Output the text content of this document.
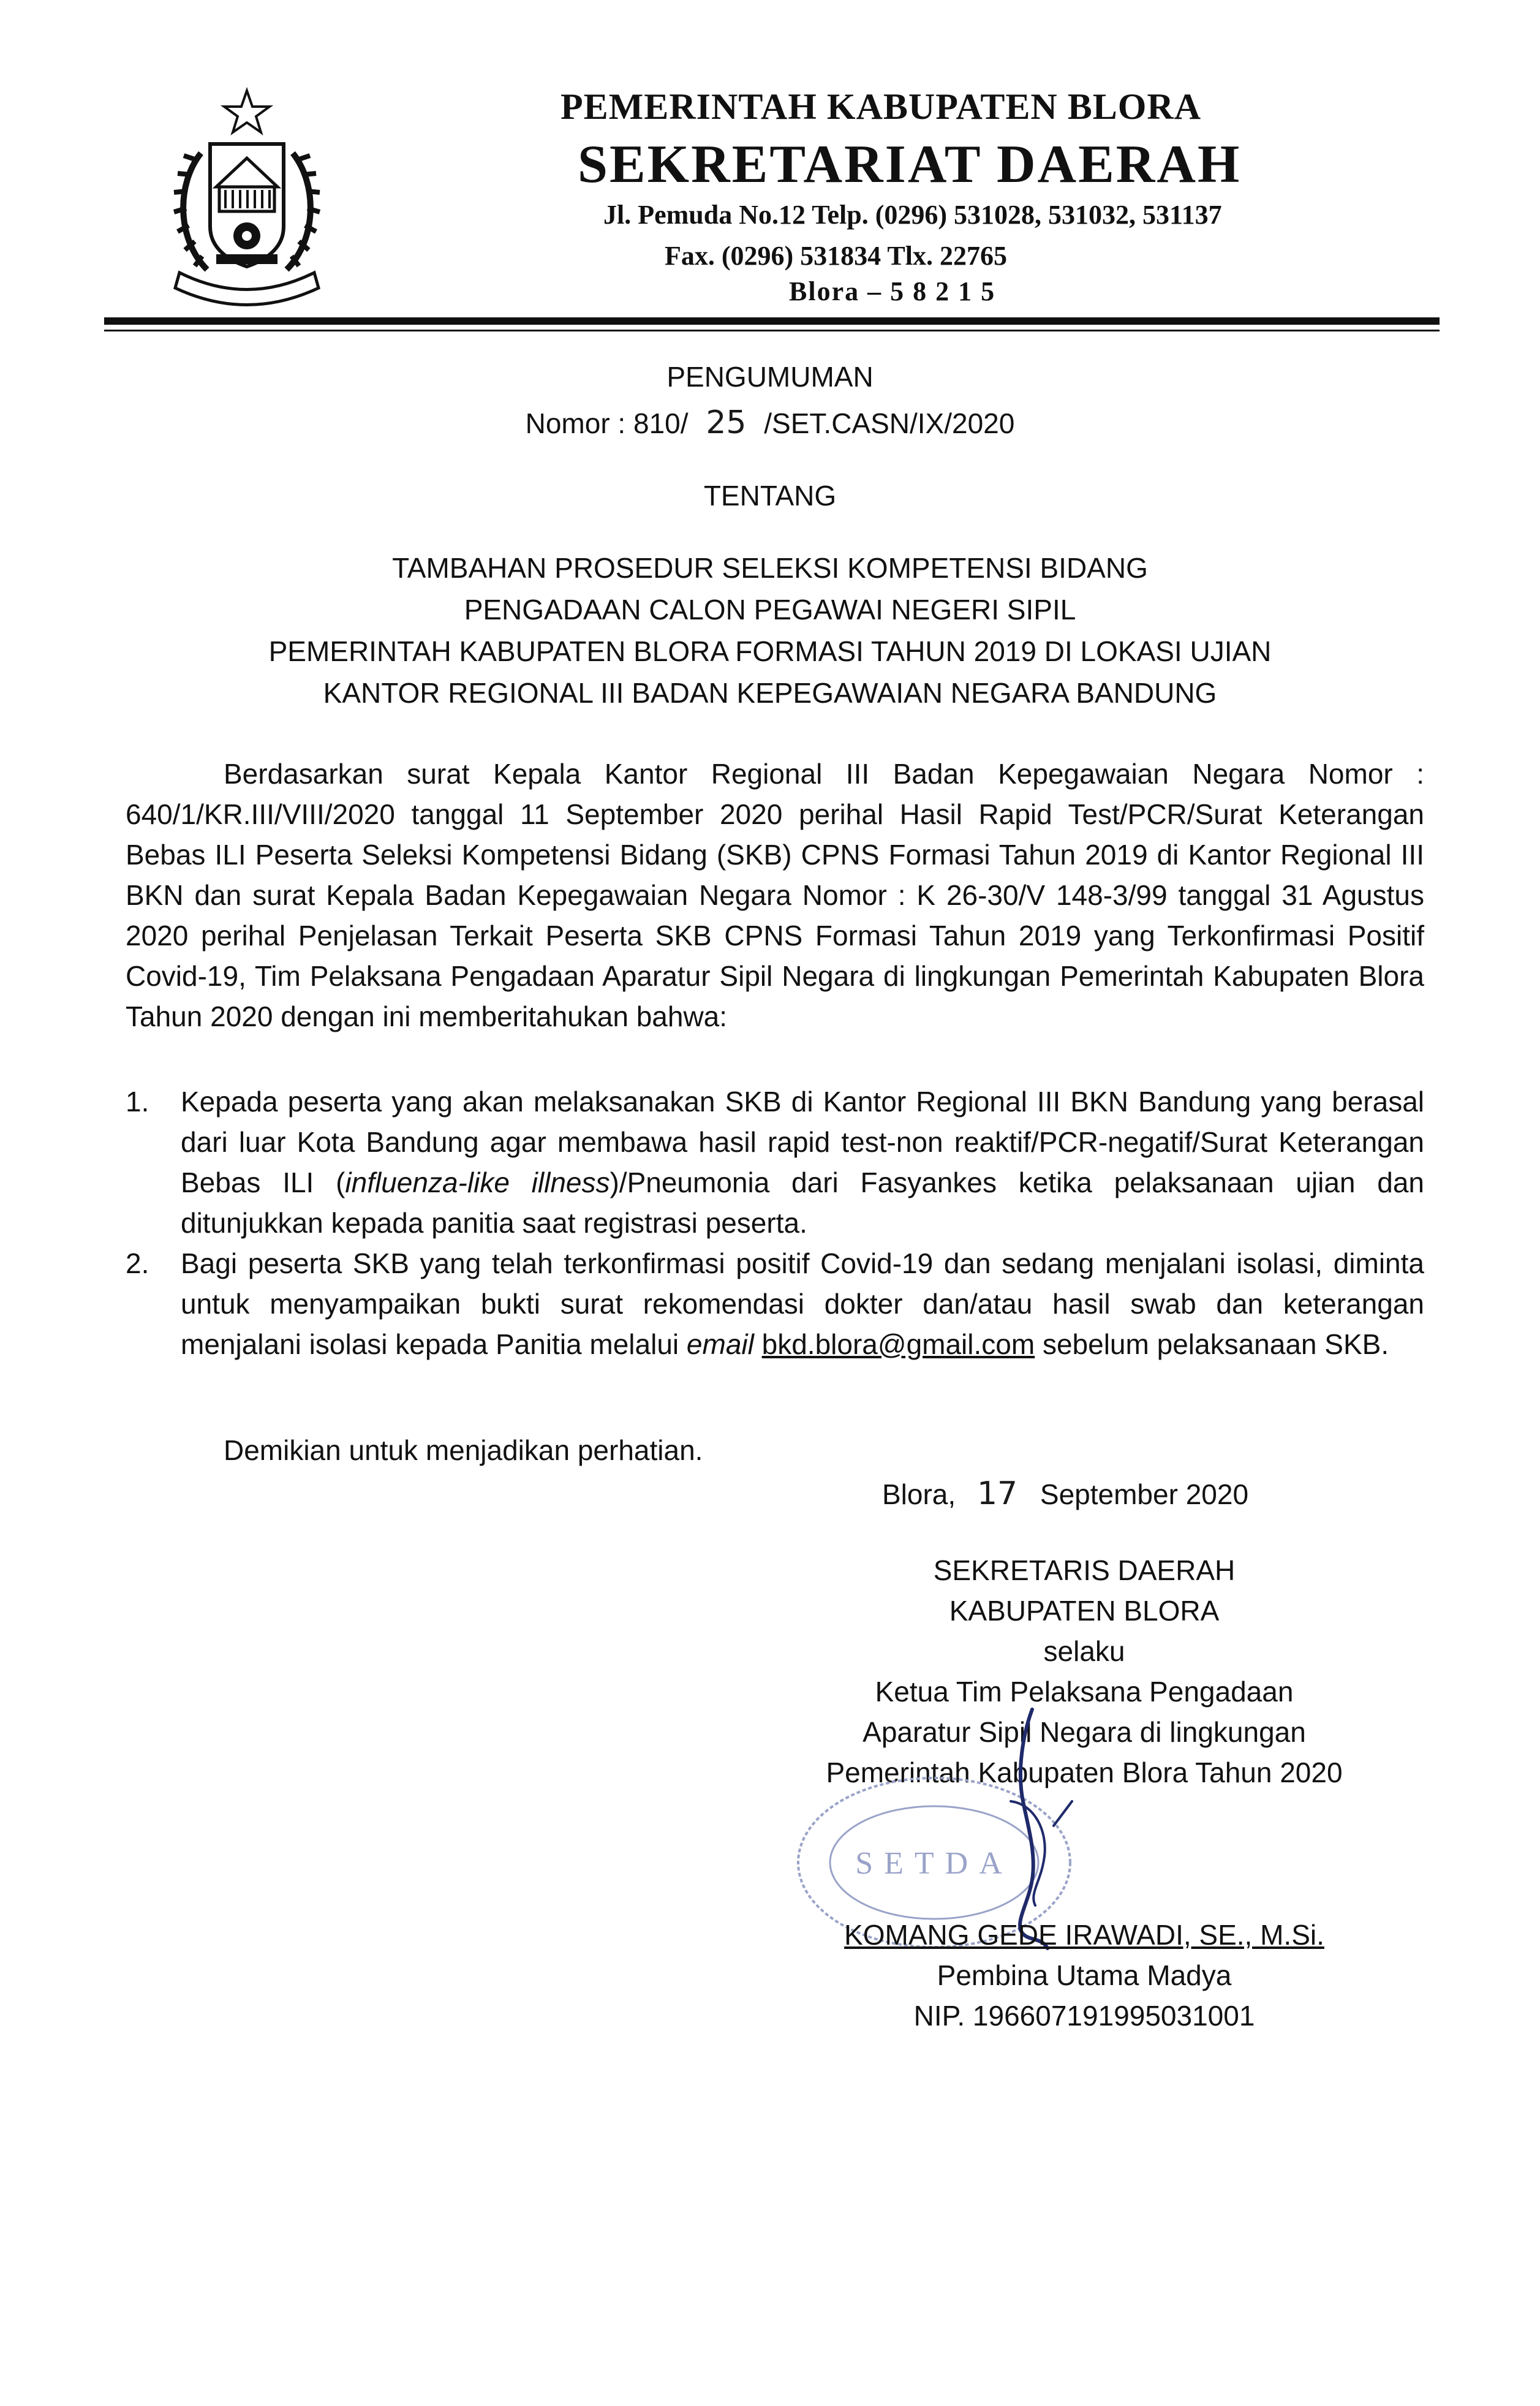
PEMERINTAH KABUPATEN BLORA
SEKRETARIAT DAERAH
Jl. Pemuda No.12 Telp. (0296) 531028, 531032, 531137
Fax. (0296) 531834 Tlx. 22765
Blora – 5 8 2 1 5
PENGUMUMAN
Nomor : 810/ 25 /SET.CASN/IX/2020
TENTANG
TAMBAHAN PROSEDUR SELEKSI KOMPETENSI BIDANG
PENGADAAN CALON PEGAWAI NEGERI SIPIL
PEMERINTAH KABUPATEN BLORA FORMASI TAHUN 2019 DI LOKASI UJIAN
KANTOR REGIONAL III BADAN KEPEGAWAIAN NEGARA BANDUNG
Berdasarkan surat Kepala Kantor Regional III Badan Kepegawaian Negara Nomor : 640/1/KR.III/VIII/2020 tanggal 11 September 2020 perihal Hasil Rapid Test/PCR/Surat Keterangan Bebas ILI Peserta Seleksi Kompetensi Bidang (SKB) CPNS Formasi Tahun 2019 di Kantor Regional III BKN dan surat Kepala Badan Kepegawaian Negara Nomor : K 26-30/V 148-3/99 tanggal 31 Agustus 2020 perihal Penjelasan Terkait Peserta SKB CPNS Formasi Tahun 2019 yang Terkonfirmasi Positif Covid-19, Tim Pelaksana Pengadaan Aparatur Sipil Negara di lingkungan Pemerintah Kabupaten Blora Tahun 2020 dengan ini memberitahukan bahwa:
1.	Kepada peserta yang akan melaksanakan SKB di Kantor Regional III BKN Bandung yang berasal dari luar Kota Bandung agar membawa hasil rapid test-non reaktif/PCR-negatif/Surat Keterangan Bebas ILI (influenza-like illness)/Pneumonia dari Fasyankes ketika pelaksanaan ujian dan ditunjukkan kepada panitia saat registrasi peserta.
2.	Bagi peserta SKB yang telah terkonfirmasi positif Covid-19 dan sedang menjalani isolasi, diminta untuk menyampaikan bukti surat rekomendasi dokter dan/atau hasil swab dan keterangan menjalani isolasi kepada Panitia melalui email bkd.blora@gmail.com sebelum pelaksanaan SKB.
Demikian untuk menjadikan perhatian.
Blora, 17 September 2020
SEKRETARIS DAERAH
KABUPATEN BLORA
selaku
Ketua Tim Pelaksana Pengadaan
Aparatur Sipil Negara di lingkungan
Pemerintah Kabupaten Blora Tahun 2020
SETDA
KOMANG GEDE IRAWADI, SE., M.Si.
Pembina Utama Madya
NIP. 196607191995031001
